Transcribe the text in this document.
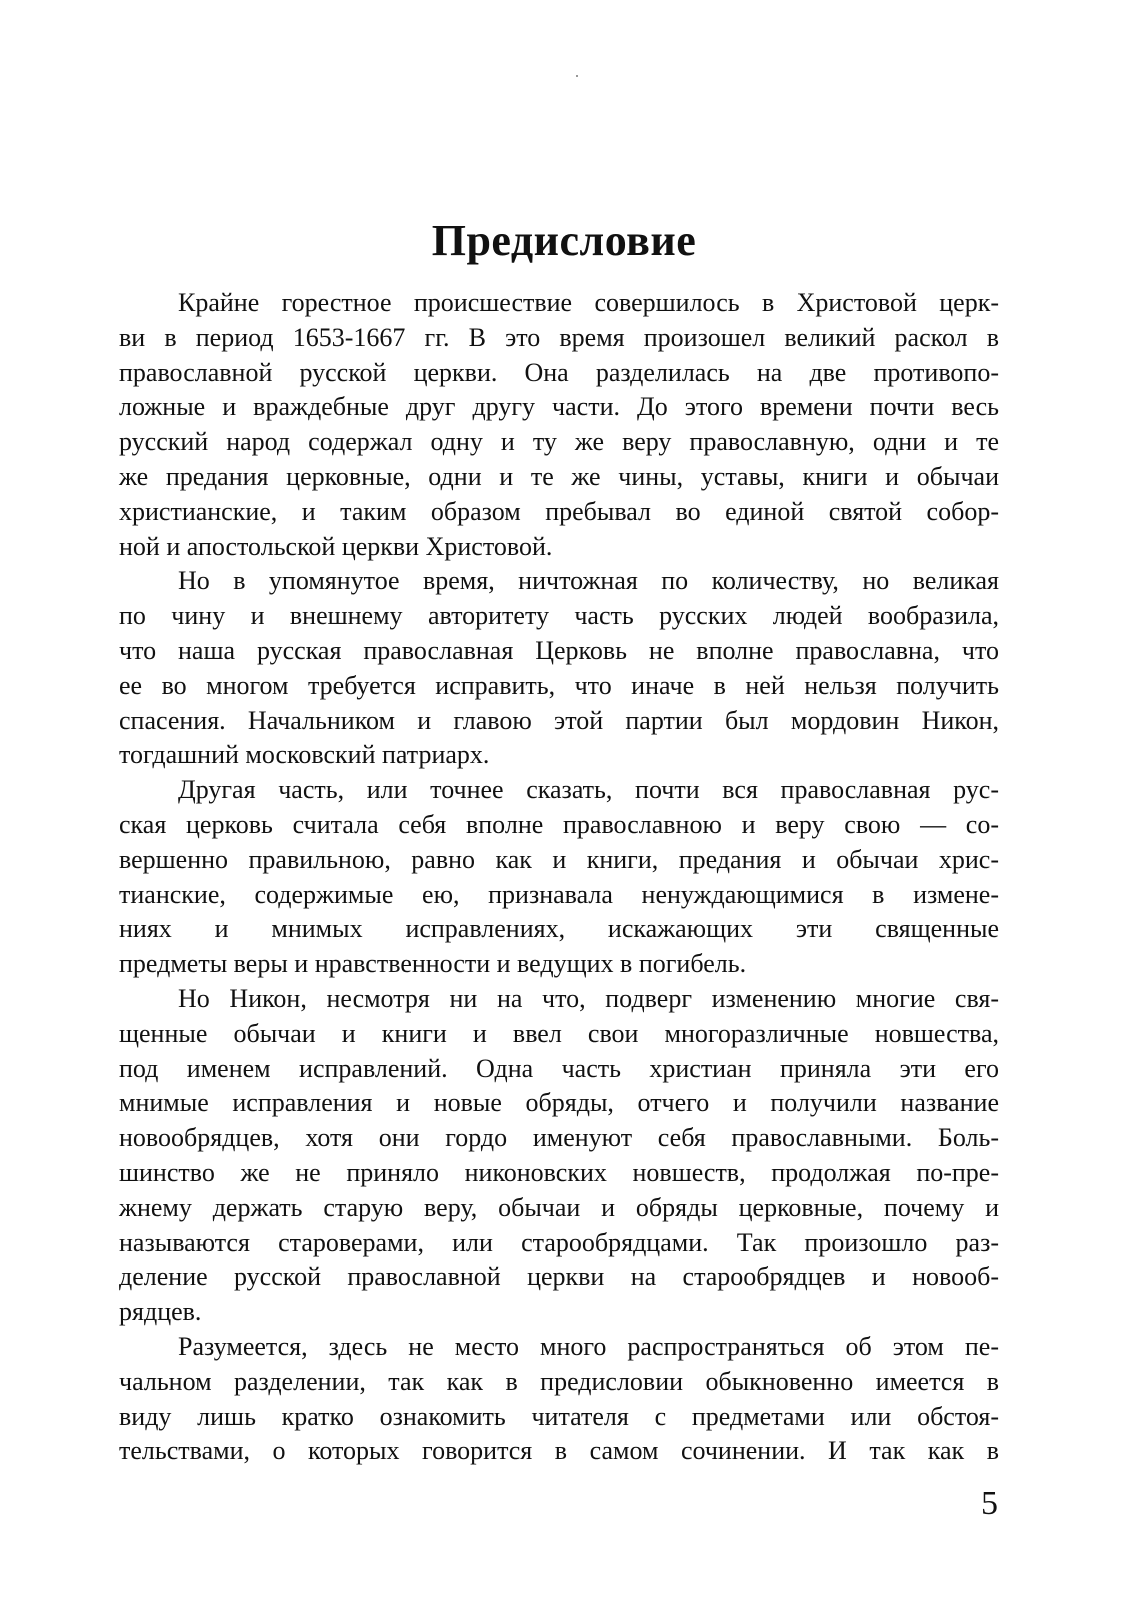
Предисловие
Крайне горестное происшествие совершилось в Христовой церк-
ви в период 1653-1667 гг. В это время произошел великий раскол в
православной русской церкви. Она разделилась на две противопо-
ложные и враждебные друг другу части. До этого времени почти весь
русский народ содержал одну и ту же веру православную, одни и те
же предания церковные, одни и те же чины, уставы, книги и обычаи
христианские, и таким образом пребывал во единой святой собор-
ной и апостольской церкви Христовой.
Но в упомянутое время, ничтожная по количеству, но великая
по чину и внешнему авторитету часть русских людей вообразила,
что наша русская православная Церковь не вполне православна, что
ее во многом требуется исправить, что иначе в ней нельзя получить
спасения. Начальником и главою этой партии был мордовин Никон,
тогдашний московский патриарх.
Другая часть, или точнее сказать, почти вся православная рус-
ская церковь считала себя вполне православною и веру свою — со-
вершенно правильною, равно как и книги, предания и обычаи хрис-
тианские, содержимые ею, признавала ненуждающимися в измене-
ниях и мнимых исправлениях, искажающих эти священные
предметы веры и нравственности и ведущих в погибель.
Но Никон, несмотря ни на что, подверг изменению многие свя-
щенные обычаи и книги и ввел свои многоразличные новшества,
под именем исправлений. Одна часть христиан приняла эти его
мнимые исправления и новые обряды, отчего и получили название
новообрядцев, хотя они гордо именуют себя православными. Боль-
шинство же не приняло никоновских новшеств, продолжая по-пре-
жнему держать старую веру, обычаи и обряды церковные, почему и
называются староверами, или старообрядцами. Так произошло раз-
деление русской православной церкви на старообрядцев и новооб-
рядцев.
Разумеется, здесь не место много распространяться об этом пе-
чальном разделении, так как в предисловии обыкновенно имеется в
виду лишь кратко ознакомить читателя с предметами или обстоя-
тельствами, о которых говорится в самом сочинении. И так как в
5
